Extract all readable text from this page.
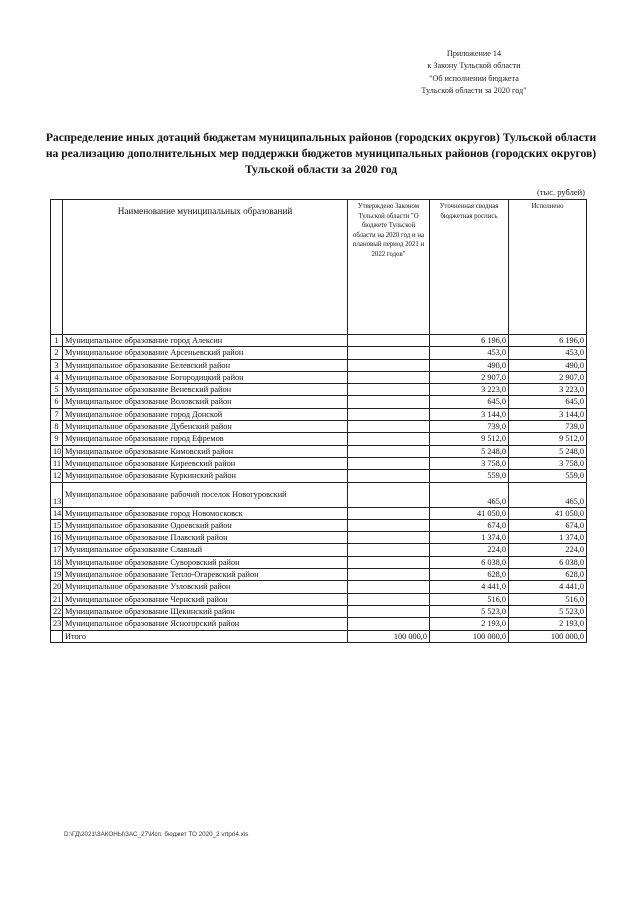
Приложение 14
к Закону Тульской области
"Об исполнении бюджета
Тульской области за 2020 год"
Распределение иных дотаций бюджетам муниципальных районов (городских округов) Тульской области на реализацию дополнительных мер поддержки бюджетов муниципальных районов (городских округов) Тульской области за 2020 год
(тыс. рублей)
	Наименование муниципальных образований	Утверждено Законом Тульской области "О бюджете Тульской области на 2020 год и на плановый период 2021 и 2022 годов"	Уточненная сводная бюджетная роспись	Исполнено
1	Муниципальное образование город Алексин		6 196,0	6 196,0
2	Муниципальное образование Арсеньевский район		453,0	453,0
3	Муниципальное образование Белевский район		490,0	490,0
4	Муниципальное образование Богородицкий район		2 907,0	2 907,0
5	Муниципальное образование Веневский район		3 223,0	3 223,0
6	Муниципальное образование Воловский район		645,0	645,0
7	Муниципальное образование город Донской		3 144,0	3 144,0
8	Муниципальное образование Дубенский район		739,0	739,0
9	Муниципальное образование город Ефремов		9 512,0	9 512,0
10	Муниципальное образование Кимовский район		5 248,0	5 248,0
11	Муниципальное образование Киреевский район		3 758,0	3 758,0
12	Муниципальное образование Куркинский район		559,0	559,0
13	Муниципальное образование рабочий поселок Новогуровский		465,0	465,0
14	Муниципальное образование город Новомосковск		41 050,0	41 050,0
15	Муниципальное образование Одоевский район		674,0	674,0
16	Муниципальное образование Плавский район		1 374,0	1 374,0
17	Муниципальное образование Славный		224,0	224,0
18	Муниципальное образование Суворовский район		6 038,0	6 038,0
19	Муниципальное образование Тепло-Огаревский район		628,0	628,0
20	Муниципальное образование Узловский район		4 441,0	4 441,0
21	Муниципальное образование Чернский район		516,0	516,0
22	Муниципальное образование Щекинский район		5 523,0	5 523,0
23	Муниципальное образование Ясногорский район		2 193,0	2 193,0
	Итого	100 000,0	100 000,0	100 000,0
D:\ГД\2021\ЗАКОНЫ\ЗАС_27\Исп. бюджет ТО 2020_2 vrtpri4.xls
